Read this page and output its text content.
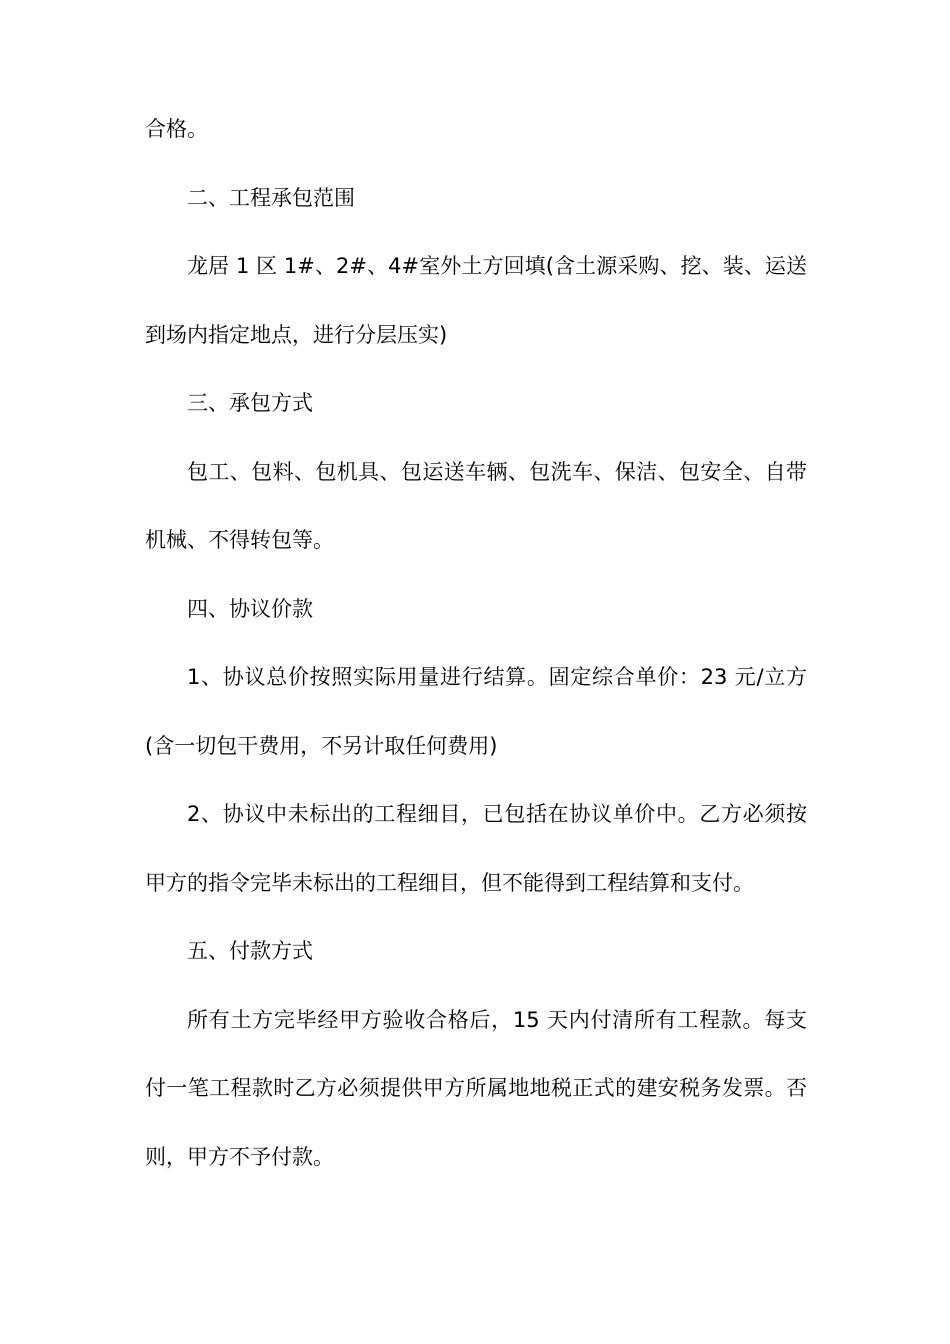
合格。

二、工程承包范围

龙居 1 区 1#、2#、4#室外土方回填(含土源采购、挖、装、运送到场内指定地点，进行分层压实)

三、承包方式

包工、包料、包机具、包运送车辆、包洗车、保洁、包安全、自带机械、不得转包等。

四、协议价款

1、协议总价按照实际用量进行结算。固定综合单价：23 元/立方(含一切包干费用，不另计取任何费用)

2、协议中未标出的工程细目，已包括在协议单价中。乙方必须按甲方的指令完毕未标出的工程细目，但不能得到工程结算和支付。

五、付款方式

所有土方完毕经甲方验收合格后，15 天内付清所有工程款。每支付一笔工程款时乙方必须提供甲方所属地地税正式的建安税务发票。否则，甲方不予付款。
